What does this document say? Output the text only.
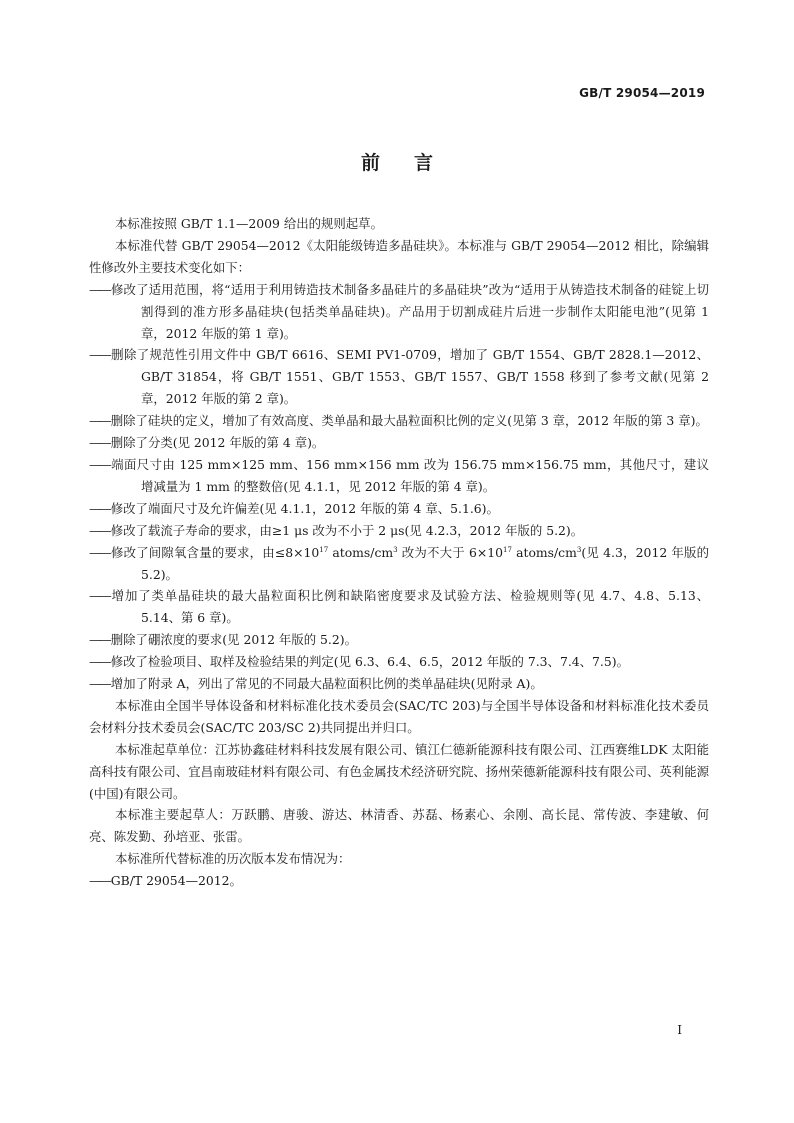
GB/T 29054—2019
前言

本标准按照 GB/T 1.1—2009 给出的规则起草。

本标准代替 GB/T 29054—2012《太阳能级铸造多晶硅块》。本标准与 GB/T 29054—2012 相比，除编辑性修改外主要技术变化如下：

——修改了适用范围，将“适用于利用铸造技术制备多晶硅片的多晶硅块”改为“适用于从铸造技术制备的硅锭上切割得到的准方形多晶硅块(包括类单晶硅块)。产品用于切割成硅片后进一步制作太阳能电池”(见第 1 章，2012 年版的第 1 章)。

——删除了规范性引用文件中 GB/T 6616、SEMI PV1-0709，增加了 GB/T 1554、GB/T 2828.1—2012、GB/T 31854，将 GB/T 1551、GB/T 1553、GB/T 1557、GB/T 1558 移到了参考文献(见第 2 章，2012 年版的第 2 章)。

——删除了硅块的定义，增加了有效高度、类单晶和最大晶粒面积比例的定义(见第 3 章，2012 年版的第 3 章)。

——删除了分类(见 2012 年版的第 4 章)。

——端面尺寸由 125 mm×125 mm、156 mm×156 mm 改为 156.75 mm×156.75 mm，其他尺寸，建议增减量为 1 mm 的整数倍(见 4.1.1，见 2012 年版的第 4 章)。

——修改了端面尺寸及允许偏差(见 4.1.1，2012 年版的第 4 章、5.1.6)。

——修改了载流子寿命的要求，由≥1 μs 改为不小于 2 μs(见 4.2.3，2012 年版的 5.2)。

——修改了间隙氧含量的要求，由$\le 8\times 10^{17}$ atoms/$cm^3$ 改为不大于 $6\times 10^{17}$ atoms/$cm^3$(见 4.3，2012 年版的 5.2)。

——增加了类单晶硅块的最大晶粒面积比例和缺陷密度要求及试验方法、检验规则等(见 4.7、4.8、5.13、5.14、第 6 章)。

——删除了硼浓度的要求(见 2012 年版的 5.2)。

——修改了检验项目、取样及检验结果的判定(见 6.3、6.4、6.5，2012 年版的 7.3、7.4、7.5)。

——增加了附录 A，列出了常见的不同最大晶粒面积比例的类单晶硅块(见附录 A)。

本标准由全国半导体设备和材料标准化技术委员会(SAC/TC 203)与全国半导体设备和材料标准化技术委员会材料分技术委员会(SAC/TC 203/SC 2)共同提出并归口。

本标准起草单位：江苏协鑫硅材料科技发展有限公司、镇江仁德新能源科技有限公司、江西赛维LDK 太阳能高科技有限公司、宜昌南玻硅材料有限公司、有色金属技术经济研究院、扬州荣德新能源科技有限公司、英利能源(中国)有限公司。

本标准主要起草人：万跃鹏、唐骏、游达、林清香、苏磊、杨素心、余刚、高长昆、常传波、李建敏、何亮、陈发勤、孙培亚、张雷。

本标准所代替标准的历次版本发布情况为：

——GB/T 29054—2012。

I
